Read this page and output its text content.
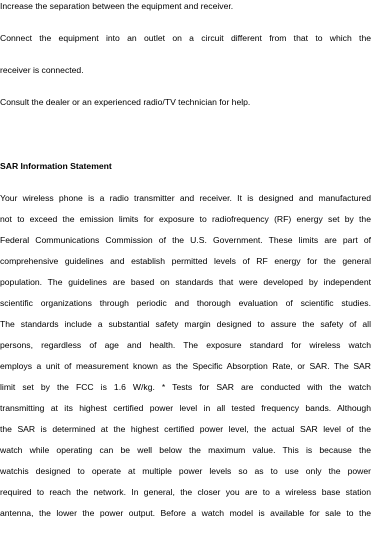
Increase the separation between the equipment and receiver.

Connect the equipment into an outlet on a circuit different from that to which the

receiver is connected.

Consult the dealer or an experienced radio/TV technician for help.

SAR Information Statement

Your wireless phone is a radio transmitter and receiver. It is designed and manufactured

not to exceed the emission limits for exposure to radiofrequency (RF) energy set by the

Federal Communications Commission of the U.S. Government. These limits are part of

comprehensive guidelines and establish permitted levels of RF energy for the general

population. The guidelines are based on standards that were developed by independent

scientific organizations through periodic and thorough evaluation of scientific studies.

The standards include a substantial safety margin designed to assure the safety of all

persons, regardless of age and health. The exposure standard for wireless watch

employs a unit of measurement known as the Specific Absorption Rate, or SAR. The SAR

limit set by the FCC is 1.6 W/kg. * Tests for SAR are conducted with the watch

transmitting at its highest certified power level in all tested frequency bands. Although

the SAR is determined at the highest certified power level, the actual SAR level of the

watch while operating can be well below the maximum value. This is because the

watchis designed to operate at multiple power levels so as to use only the power

required to reach the network. In general, the closer you are to a wireless base station

antenna, the lower the power output. Before a watch model is available for sale to the
